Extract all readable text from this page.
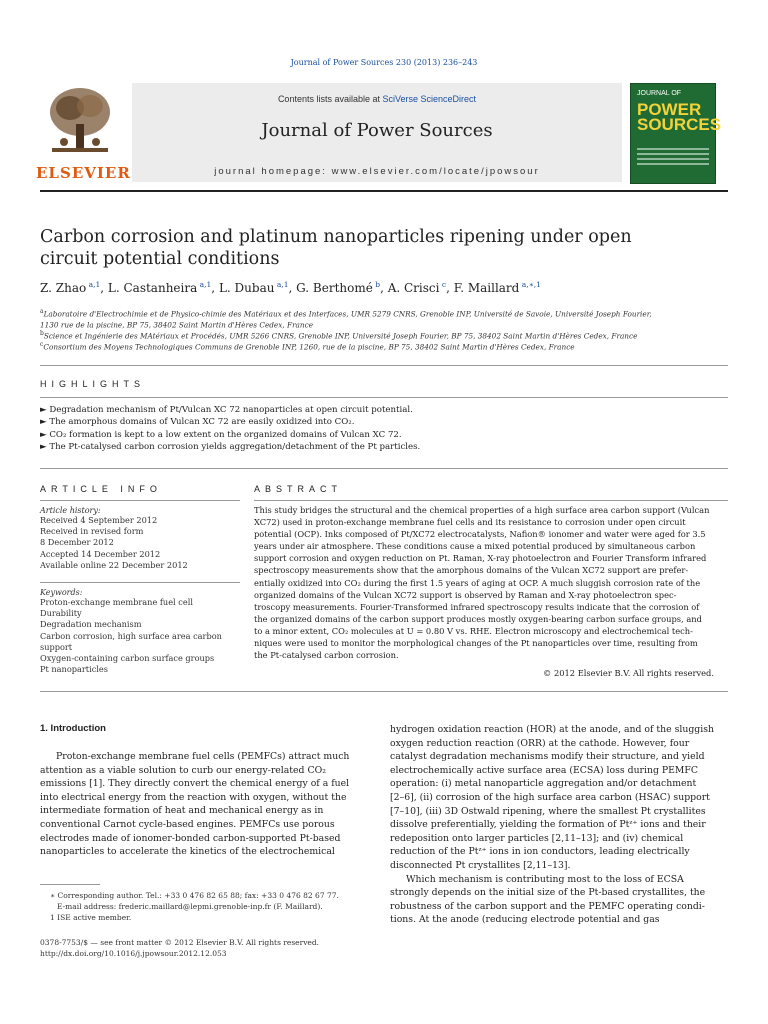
Journal of Power Sources 230 (2013) 236–243
ELSEVIER
Contents lists available at SciVerse ScienceDirect
Journal of Power Sources
journal homepage: www.elsevier.com/locate/jpowsour
JOURNAL OF
POWER
SOURCES
Carbon corrosion and platinum nanoparticles ripening under open
circuit potential conditions
Z. Zhao  $^{a,1}$, L. Castanheira  $^{a,1}$, L. Dubau  $^{a,1}$, G. Berthomé  $^b$, A. Crisci  $^c$, F. Maillard  $^{a,∗,1}$
$^a$Laboratoire d'Electrochimie et de Physico-chimie des Matériaux et des Interfaces, UMR 5279 CNRS, Grenoble INP, Université de Savoie, Université Joseph Fourier,
1130 rue de la piscine, BP 75, 38402 Saint Martin d'Hères Cedex, France
$^b$Science et Ingénierie des MAtériaux et Procédés, UMR 5266 CNRS, Grenoble INP, Université Joseph Fourier, BP 75, 38402 Saint Martin d'Hères Cedex, France
$^c$Consortium des Moyens Technologiques Communs de Grenoble INP, 1260, rue de la piscine, BP 75, 38402 Saint Martin d'Hères Cedex, France
HIGHLIGHTS
► Degradation mechanism of Pt/Vulcan XC 72 nanoparticles at open circuit potential.
► The amorphous domains of Vulcan XC 72 are easily oxidized into CO₂.
► CO₂ formation is kept to a low extent on the organized domains of Vulcan XC 72.
► The Pt-catalysed carbon corrosion yields aggregation/detachment of the Pt particles.
ARTICLE INFO
Article history:
Received 4 September 2012
Received in revised form
8 December 2012
Accepted 14 December 2012
Available online 22 December 2012
Keywords:
Proton-exchange membrane fuel cell
Durability
Degradation mechanism
Carbon corrosion, high surface area carbon
support
Oxygen-containing carbon surface groups
Pt nanoparticles
ABSTRACT
This study bridges the structural and the chemical properties of a high surface area carbon support (Vulcan
XC72) used in proton-exchange membrane fuel cells and its resistance to corrosion under open circuit
potential (OCP). Inks composed of Pt/XC72 electrocatalysts, Nafion® ionomer and water were aged for 3.5
years under air atmosphere. These conditions cause a mixed potential produced by simultaneous carbon
support corrosion and oxygen reduction on Pt. Raman, X-ray photoelectron and Fourier Transform infrared
spectroscopy measurements show that the amorphous domains of the Vulcan XC72 support are prefer-
entially oxidized into CO₂ during the first 1.5 years of aging at OCP. A much sluggish corrosion rate of the
organized domains of the Vulcan XC72 support is observed by Raman and X-ray photoelectron spec-
troscopy measurements. Fourier-Transformed infrared spectroscopy results indicate that the corrosion of
the organized domains of the carbon support produces mostly oxygen-bearing carbon surface groups, and
to a minor extent, CO₂ molecules at U = 0.80 V vs. RHE. Electron microscopy and electrochemical tech-
niques were used to monitor the morphological changes of the Pt nanoparticles over time, resulting from
the Pt-catalysed carbon corrosion.
© 2012 Elsevier B.V. All rights reserved.
1. Introduction
Proton-exchange membrane fuel cells (PEMFCs) attract much
attention as a viable solution to curb our energy-related CO₂
emissions [1]. They directly convert the chemical energy of a fuel
into electrical energy from the reaction with oxygen, without the
intermediate formation of heat and mechanical energy as in
conventional Carnot cycle-based engines. PEMFCs use porous
electrodes made of ionomer-bonded carbon-supported Pt-based
nanoparticles to accelerate the kinetics of the electrochemical
hydrogen oxidation reaction (HOR) at the anode, and of the sluggish
oxygen reduction reaction (ORR) at the cathode. However, four
catalyst degradation mechanisms modify their structure, and yield
electrochemically active surface area (ECSA) loss during PEMFC
operation: (i) metal nanoparticle aggregation and/or detachment
[2–6], (ii) corrosion of the high surface area carbon (HSAC) support
[7–10], (iii) 3D Ostwald ripening, where the smallest Pt crystallites
dissolve preferentially, yielding the formation of Ptᶻ⁺ ions and their
redeposition onto larger particles [2,11–13]; and (iv) chemical
reduction of the Ptᶻ⁺ ions in ion conductors, leading electrically
disconnected Pt crystallites [2,11–13].
Which mechanism is contributing most to the loss of ECSA
strongly depends on the initial size of the Pt-based crystallites, the
robustness of the carbon support and the PEMFC operating condi-
tions. At the anode (reducing electrode potential and gas
∗ Corresponding author. Tel.: +33 0 476 82 65 88; fax: +33 0 476 82 67 77.
E-mail address: frederic.maillard@lepmi.grenoble-inp.fr (F. Maillard).
1 ISE active member.
0378-7753/$ — see front matter © 2012 Elsevier B.V. All rights reserved.
http://dx.doi.org/10.1016/j.jpowsour.2012.12.053
